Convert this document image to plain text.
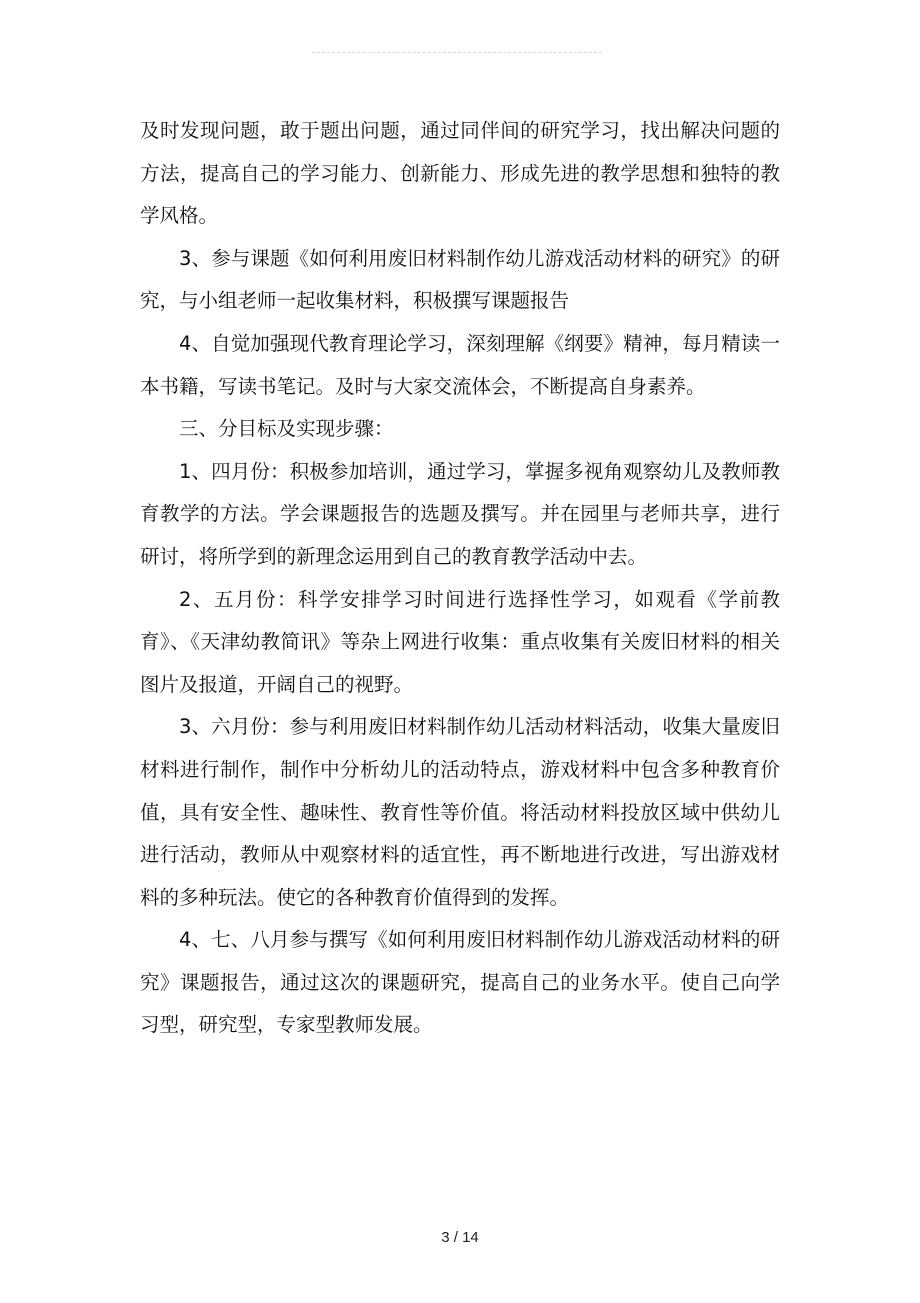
及时发现问题，敢于题出问题，通过同伴间的研究学习，找出解决问题的方法，提高自己的学习能力、创新能力、形成先进的教学思想和独特的教学风格。

3、参与课题《如何利用废旧材料制作幼儿游戏活动材料的研究》的研究，与小组老师一起收集材料，积极撰写课题报告

4、自觉加强现代教育理论学习，深刻理解《纲要》精神，每月精读一本书籍，写读书笔记。及时与大家交流体会，不断提高自身素养。

三、分目标及实现步骤：

1、四月份：积极参加培训，通过学习，掌握多视角观察幼儿及教师教育教学的方法。学会课题报告的选题及撰写。并在园里与老师共享，进行研讨，将所学到的新理念运用到自己的教育教学活动中去。

2、五月份：科学安排学习时间进行选择性学习，如观看《学前教育》、《天津幼教简讯》等杂上网进行收集：重点收集有关废旧材料的相关图片及报道，开阔自己的视野。

3、六月份：参与利用废旧材料制作幼儿活动材料活动，收集大量废旧材料进行制作，制作中分析幼儿的活动特点，游戏材料中包含多种教育价值，具有安全性、趣味性、教育性等价值。将活动材料投放区域中供幼儿进行活动，教师从中观察材料的适宜性，再不断地进行改进，写出游戏材料的多种玩法。使它的各种教育价值得到的发挥。

4、七、八月参与撰写《如何利用废旧材料制作幼儿游戏活动材料的研究》课题报告，通过这次的课题研究，提高自己的业务水平。使自己向学习型，研究型，专家型教师发展。

3 / 14
